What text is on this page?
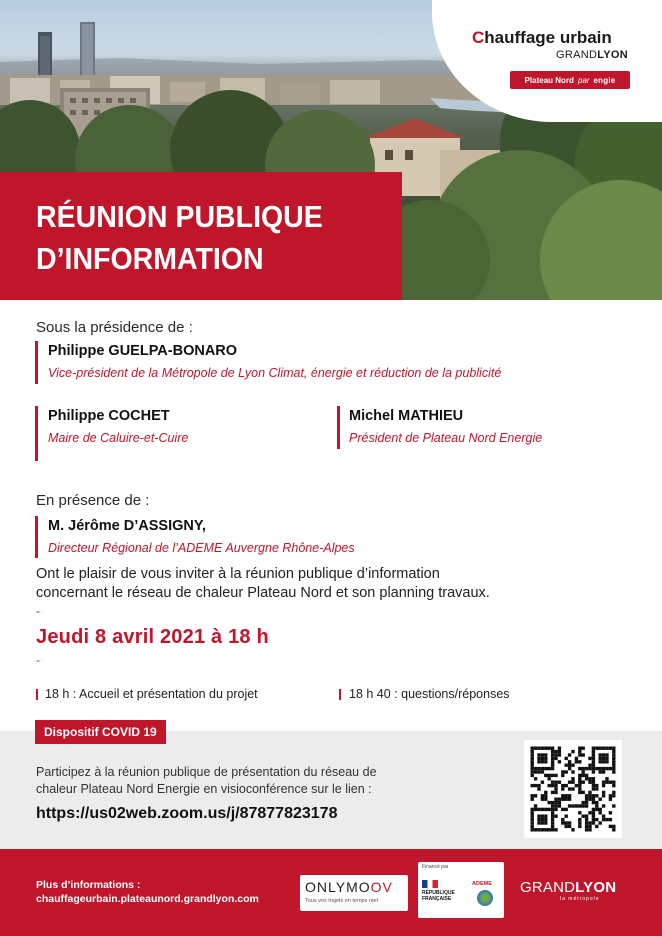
Chauffage urbain
GRANDLYON
Plateau Nord par engie
RÉUNION PUBLIQUE
D’INFORMATION
Sous la présidence de :
Philippe GUELPA-BONARO
Vice-président de la Métropole de Lyon Climat, énergie et réduction de la publicité
Philippe COCHET
Maire de Caluire-et-Cuire
Michel MATHIEU
Président de Plateau Nord Energie
En présence de :
M. Jérôme D’ASSIGNY,
Directeur Régional de l’ADEME Auvergne Rhône-Alpes
Ont le plaisir de vous inviter à la réunion publique d’information
concernant le réseau de chaleur Plateau Nord et son planning travaux.
-
Jeudi 8 avril 2021 à 18 h
-
18 h : Accueil et présentation du projet	18 h 40 : questions/réponses
Dispositif COVID 19
Participez à la réunion publique de présentation du réseau de
chaleur Plateau Nord Energie en visioconférence sur le lien :
https://us02web.zoom.us/j/87877823178
Plus d’informations :
chauffageurbain.plateaunord.grandlyon.com
ONLYMOOV
Tous vos trajets en temps réel
Financé par
RÉPUBLIQUE
FRANÇAISE
ADEME GRANDLYON
la métropole
